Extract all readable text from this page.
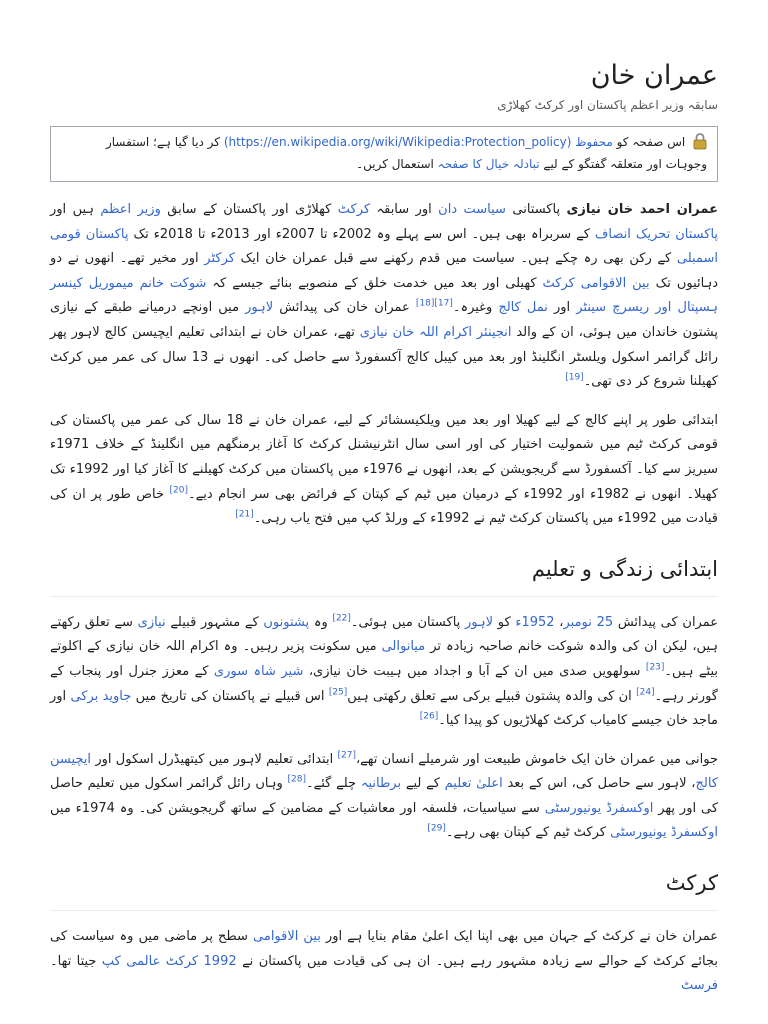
عمران خان
سابقہ وزیر اعظم پاکستان اور کرکٹ کھلاڑی
اس صفحہ کو محفوظ (https://en.wikipedia.org/wiki/Wikipedia:Protection_policy) کر دیا گیا ہے؛ استفسار وجوہات اور متعلقہ گفتگو کے لیے تبادلہ خیال کا صفحہ استعمال کریں۔

عمران احمد خان نیازی پاکستانی سیاست دان اور سابقہ کرکٹ کھلاڑی اور پاکستان کے سابق وزیر اعظم ہیں اور پاکستان تحریک انصاف کے سربراہ بھی ہیں۔ اس سے پہلے وہ 2002ء تا 2007ء اور 2013ء تا 2018ء تک پاکستان قومی اسمبلی کے رکن بھی رہ چکے ہیں۔ سیاست میں قدم رکھنے سے قبل عمران خان ایک کرکٹر اور مخیر تھے۔ انھوں نے دو دہائیوں تک بین الاقوامی کرکٹ کھیلی اور بعد میں خدمت خلق کے منصوبے بنائے جیسے کہ شوکت خانم میموریل کینسر ہسپتال اور ریسرچ سینٹر اور نمل کالج وغیرہ۔[17][18] عمران خان کی پیدائش لاہور میں اونچے درمیانے طبقے کے نیازی پشتون خاندان میں ہوئی، ان کے والد انجینئر اکرام اللہ خان نیازی تھے، عمران خان نے ابتدائی تعلیم ایچیسن کالج لاہور پھر رائل گرائمر اسکول ویلسٹر انگلینڈ اور بعد میں کیبل کالج آکسفورڈ سے حاصل کی۔ انھوں نے 13 سال کی عمر میں کرکٹ کھیلنا شروع کر دی تھی۔[19]

ابتدائی طور پر اپنے کالج کے لیے کھیلا اور بعد میں ویلکیسشائر کے لیے، عمران خان نے 18 سال کی عمر میں پاکستان کی قومی کرکٹ ٹیم میں شمولیت اختیار کی اور اسی سال انٹرنیشنل کرکٹ کا آغاز برمنگھم میں انگلینڈ کے خلاف 1971ء سیریز سے کیا۔ آکسفورڈ سے گریجویشن کے بعد، انھوں نے 1976ء میں پاکستان میں کرکٹ کھیلنے کا آغاز کیا اور 1992ء تک کھیلا۔ انھوں نے 1982ء اور 1992ء کے درمیان میں ٹیم کے کپتان کے فرائض بھی سر انجام دیے۔[20] خاص طور پر ان کی قیادت میں 1992ء میں پاکستان کرکٹ ٹیم نے 1992ء کے ورلڈ کپ میں فتح یاب رہی۔[21]

ابتدائی زندگی و تعلیم

عمران کی پیدائش 25 نومبر، 1952ء کو لاہور پاکستان میں ہوئی۔[22] وہ پشتونوں کے مشہور قبیلے نیازی سے تعلق رکھتے ہیں، لیکن ان کی والدہ شوکت خانم صاحبہ زیادہ تر میانوالی میں سکونت پزیر رہیں۔ وہ اکرام اللہ خان نیازی کے اکلوتے بیٹے ہیں۔[23] سولھویں صدی میں ان کے آبا و اجداد میں ہیبت خان نیازی، شیر شاہ سوری کے معزز جنرل اور پنجاب کے گورنر رہے۔[24] ان کی والدہ پشتون قبیلے برکی سے تعلق رکھتی ہیں[25] اس قبیلے نے پاکستان کی تاریخ میں جاوید برکی اور ماجد خان جیسے کامیاب کرکٹ کھلاڑیوں کو پیدا کیا۔[26]

جوانی میں عمران خان ایک خاموش طبیعت اور شرمیلے انسان تھے،[27] ابتدائی تعلیم لاہور میں کیتھیڈرل اسکول اور ایچیسن کالج، لاہور سے حاصل کی، اس کے بعد اعلیٰ تعلیم کے لیے برطانیہ چلے گئے۔[28] وہاں رائل گرائمر اسکول میں تعلیم حاصل کی اور پھر اوکسفرڈ یونیورسٹی سے سیاسیات، فلسفہ اور معاشیات کے مضامین کے ساتھ گریجویشن کی۔ وہ 1974ء میں اوکسفرڈ یونیورسٹی کرکٹ ٹیم کے کپتان بھی رہے۔[29]

کرکٹ

عمران خان نے کرکٹ کے جہان میں بھی اپنا ایک اعلیٰ مقام بنایا ہے اور بین الاقوامی سطح پر ماضی میں وہ سیاست کی بجائے کرکٹ کے حوالے سے زیادہ مشہور رہے ہیں۔ ان ہی کی قیادت میں پاکستان نے 1992 کرکٹ عالمی کپ جیتا تھا۔ فرسٹ
